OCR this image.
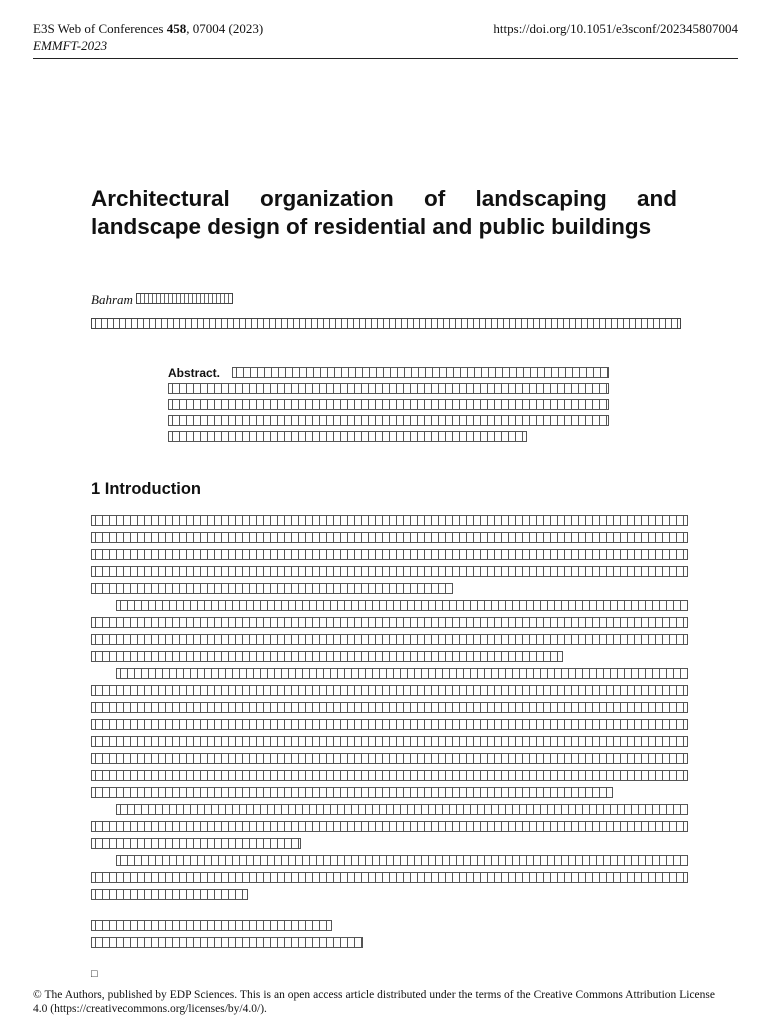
E3S Web of Conferences 458, 07004 (2023)	https://doi.org/10.1051/e3sconf/202345807004
EMMFT-2023
Architectural organization of landscaping and landscape design of residential and public buildings
Bahram
Abstract.
1 Introduction
□
© The Authors, published by EDP Sciences. This is an open access article distributed under the terms of the Creative Commons Attribution License 4.0 (https://creativecommons.org/licenses/by/4.0/).
